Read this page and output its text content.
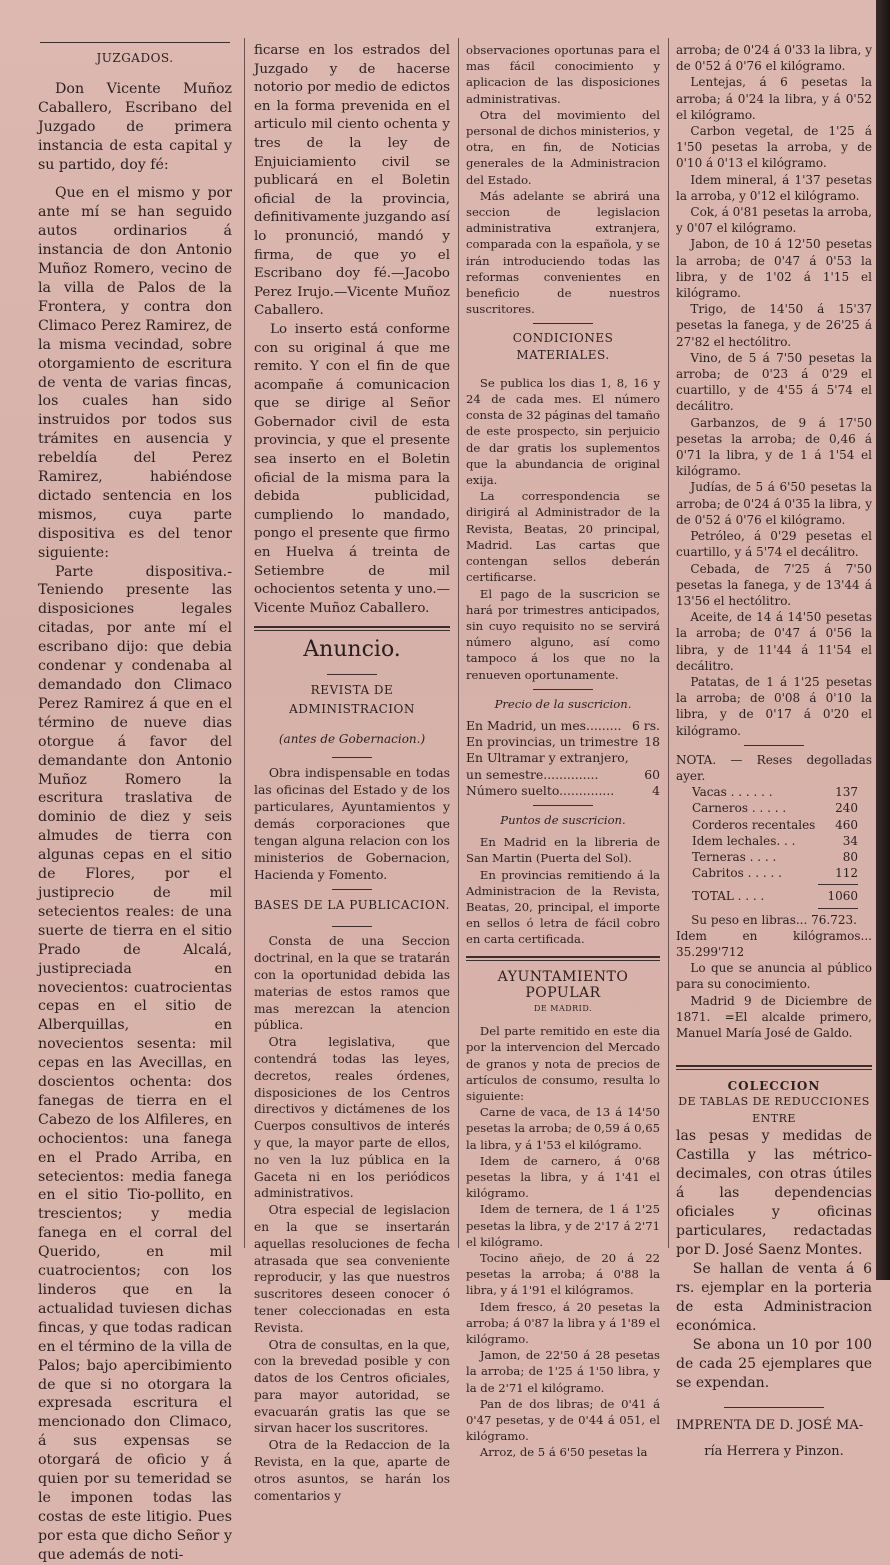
JUZGADOS.

Don Vicente Muñoz Caballero, Escribano del Juzgado de primera instancia de esta capital y su partido, doy fé:

Que en el mismo y por ante mí se han seguido autos ordinarios á instancia de don Antonio Muñoz Romero, vecino de la villa de Palos de la Frontera, y contra don Climaco Perez Ramirez, de la misma vecindad, sobre otorgamiento de escritura de venta de varias fincas, los cuales han sido instruidos por todos sus trámites en ausencia y rebeldía del Perez Ramirez, habiéndose dictado sentencia en los mismos, cuya parte dispositiva es del tenor siguiente:

Parte dispositiva.-Teniendo presente las disposiciones legales citadas, por ante mí el escribano dijo: que debia condenar y condenaba al demandado don Climaco Perez Ramirez á que en el término de nueve dias otorgue á favor del demandante don Antonio Muñoz Romero la escritura traslativa de dominio de diez y seis almudes de tierra con algunas cepas en el sitio de Flores, por el justiprecio de mil setecientos reales: de una suerte de tierra en el sitio Prado de Alcalá, justipreciada en novecientos: cuatrocientas cepas en el sitio de Alberquillas, en novecientos sesenta: mil cepas en las Avecillas, en doscientos ochenta: dos fanegas de tierra en el Cabezo de los Alfileres, en ochocientos: una fanega en el Prado Arriba, en setecientos: media fanega en el sitio Tio-pollito, en trescientos; y media fanega en el corral del Querido, en mil cuatrocientos; con los linderos que en la actualidad tuviesen dichas fincas, y que todas radican en el término de la villa de Palos; bajo apercibimiento de que si no otorgara la expresada escritura el mencionado don Climaco, á sus expensas se otorgará de oficio y á quien por su temeridad se le imponen todas las costas de este litigio. Pues por esta que dicho Señor y que además de noti-

ficarse en los estrados del Juzgado y de hacerse notorio por medio de edictos en la forma prevenida en el articulo mil ciento ochenta y tres de la ley de Enjuiciamiento civil se publicará en el Boletin oficial de la provincia, definitivamente juzgando así lo pronunció, mandó y firma, de que yo el Escribano doy fé.—Jacobo Perez Irujo.—Vicente Muñoz Caballero.

Lo inserto está conforme con su original á que me remito. Y con el fin de que acompañe á comunicacion que se dirige al Señor Gobernador civil de esta provincia, y que el presente sea inserto en el Boletin oficial de la misma para la debida publicidad, cumpliendo lo mandado, pongo el presente que firmo en Huelva á treinta de Setiembre de mil ochocientos setenta y uno.—Vicente Muñoz Caballero.

Anuncio.
REVISTA DE ADMINISTRACION
(antes de Gobernacion.)

Obra indispensable en todas las oficinas del Estado y de los particulares, Ayuntamientos y demás corporaciones que tengan alguna relacion con los ministerios de Gobernacion, Hacienda y Fomento.

BASES DE LA PUBLICACION.

Consta de una Seccion doctrinal, en la que se tratarán con la oportunidad debida las materias de estos ramos que mas merezcan la atencion pública.

Otra legislativa, que contendrá todas las leyes, decretos, reales órdenes, disposiciones de los Centros directivos y dictámenes de los Cuerpos consultivos de interés y que, la mayor parte de ellos, no ven la luz pública en la Gaceta ni en los periódicos administrativos.

Otra especial de legislacion en la que se insertarán aquellas resoluciones de fecha atrasada que sea conveniente reproducir, y las que nuestros suscritores deseen conocer ó tener coleccionadas en esta Revista.

Otra de consultas, en la que, con la brevedad posible y con datos de los Centros oficiales, para mayor autoridad, se evacuarán gratis las que se sirvan hacer los suscritores.

Otra de la Redaccion de la Revista, en la que, aparte de otros asuntos, se harán los comentarios y

observaciones oportunas para el mas fácil conocimiento y aplicacion de las disposiciones administrativas.

Otra del movimiento del personal de dichos ministerios, y otra, en fin, de Noticias generales de la Administracion del Estado.

Más adelante se abrirá una seccion de legislacion administrativa extranjera, comparada con la española, y se irán introduciendo todas las reformas convenientes en beneficio de nuestros suscritores.

CONDICIONES MATERIALES.

Se publica los dias 1, 8, 16 y 24 de cada mes. El número consta de 32 páginas del tamaño de este prospecto, sin perjuicio de dar gratis los suplementos que la abundancia de original exija.

La correspondencia se dirigirá al Administrador de la Revista, Beatas, 20 principal, Madrid. Las cartas que contengan sellos deberán certificarse.

El pago de la suscricion se hará por trimestres anticipados, sin cuyo requisito no se servirá número alguno, así como tampoco á los que no la renueven oportunamente.

Precio de la suscricion.
En Madrid, un mes......... 6 rs.
En provincias, un trimestre 18
En Ultramar y extranjero,
un semestre..............	60
Número suelto..............	4
Puntos de suscricion.

En Madrid en la libreria de San Martin (Puerta del Sol).

En provincias remitiendo á la Administracion de la Revista, Beatas, 20, principal, el importe en sellos ó letra de fácil cobro en carta certificada.

AYUNTAMIENTO POPULAR
DE MADRID.

Del parte remitido en este dia por la intervencion del Mercado de granos y nota de precios de artículos de consumo, resulta lo siguiente:

Carne de vaca, de 13 á 14'50 pesetas la arroba; de 0,59 á 0,65 la libra, y á 1'53 el kilógramo.

Idem de carnero, á 0'68 pesetas la libra, y á 1'41 el kilógramo.

Idem de ternera, de 1 á 1'25 pesetas la libra, y de 2'17 á 2'71 el kilógramo.

Tocino añejo, de 20 á 22 pesetas la arroba; á 0'88 la libra, y á 1'91 el kilógramos.

Idem fresco, á 20 pesetas la arroba; á 0'87 la libra y á 1'89 el kilógramo.

Jamon, de 22'50 á 28 pesetas la arroba; de 1'25 á 1'50 libra, y la de 2'71 el kilógramo.

Pan de dos libras; de 0'41 á 0'47 pesetas, y de 0'44 á 051, el kilógramo.

Arroz, de 5 á 6'50 pesetas la

arroba; de 0'24 á 0'33 la libra, y de 0'52 á 0'76 el kilógramo.

Lentejas, á 6 pesetas la arroba; á 0'24 la libra, y á 0'52 el kilógramo.

Carbon vegetal, de 1'25 á 1'50 pesetas la arroba, y de 0'10 á 0'13 el kilógramo.

Idem mineral, á 1'37 pesetas la arroba, y 0'12 el kilógramo.

Cok, á 0'81 pesetas la arroba, y 0'07 el kilógramo.

Jabon, de 10 á 12'50 pesetas la arroba; de 0'47 á 0'53 la libra, y de 1'02 á 1'15 el kilógramo.

Trigo, de 14'50 á 15'37 pesetas la fanega, y de 26'25 á 27'82 el hectólitro.

Vino, de 5 á 7'50 pesetas la arroba; de 0'23 á 0'29 el cuartillo, y de 4'55 á 5'74 el decálitro.

Garbanzos, de 9 á 17'50 pesetas la arroba; de 0,46 á 0'71 la libra, y de 1 á 1'54 el kilógramo.

Judías, de 5 á 6'50 pesetas la arroba; de 0'24 á 0'35 la libra, y de 0'52 á 0'76 el kilógramo.

Petróleo, á 0'29 pesetas el cuartillo, y á 5'74 el decálitro.

Cebada, de 7'25 á 7'50 pesetas la fanega, y de 13'44 á 13'56 el hectólitro.

Aceite, de 14 á 14'50 pesetas la arroba; de 0'47 á 0'56 la libra, y de 11'44 á 11'54 el decálitro.

Patatas, de 1 á 1'25 pesetas la arroba; de 0'08 á 0'10 la libra, y de 0'17 á 0'20 el kilógramo.

NOTA. — Reses degolladas ayer.
Vacas . . . . . .	137
Carneros . . . . .	240
Corderos recentales	460
Idem lechales. . .	34
Terneras . . . .	80
Cabritos . . . . .	112
TOTAL . . . .	1060
Su peso en libras... 76.723.
Idem en kilógramos... 35.299'712

Lo que se anuncia al público para su conocimiento.

Madrid 9 de Diciembre de 1871. =El alcalde primero, Manuel María José de Galdo.

COLECCION
DE TABLAS DE REDUCCIONES
ENTRE

las pesas y medidas de Castilla y las métrico-decimales, con otras útiles á las dependencias oficiales y oficinas particulares, redactadas por D. José Saenz Montes.

Se hallan de venta á 6 rs. ejemplar en la porteria de esta Administracion económica.

Se abona un 10 por 100 de cada 25 ejemplares que se expendan.

IMPRENTA DE D. JOSÉ MA-
ría Herrera y Pinzon.
